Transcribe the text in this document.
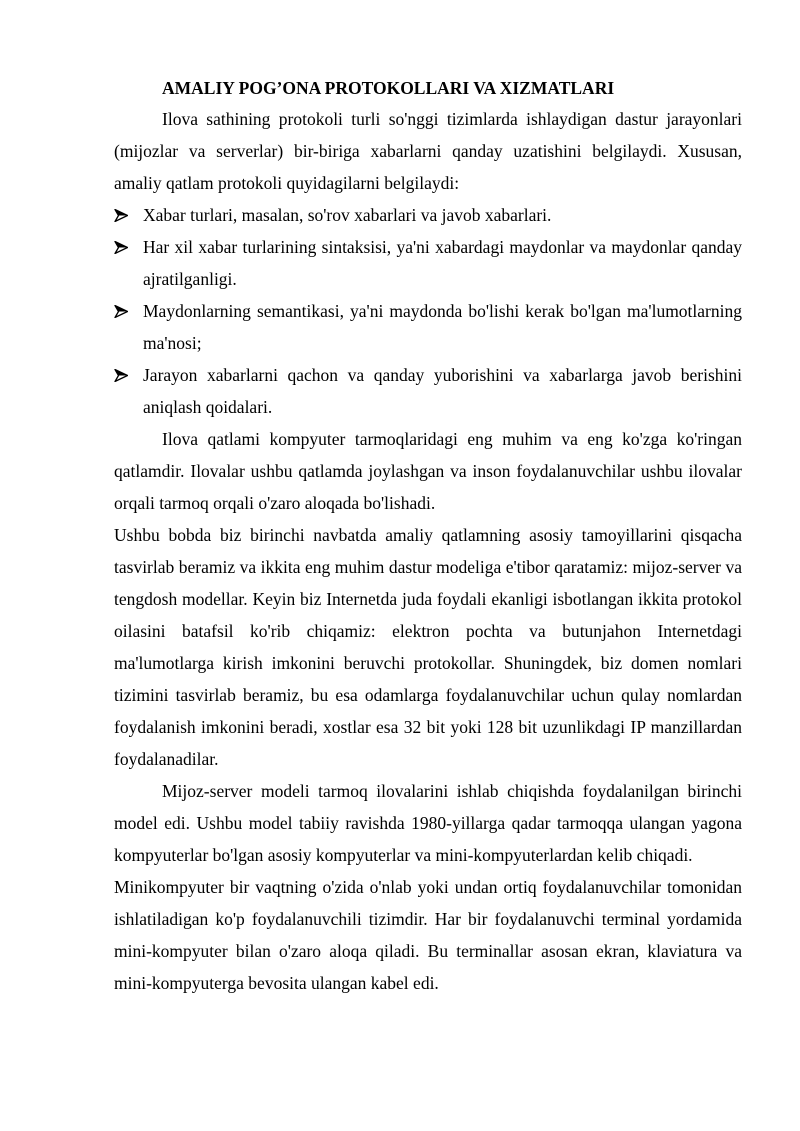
AMALIY POG’ONA PROTOKOLLARI VA XIZMATLARI

Ilova sathining protokoli turli so'nggi tizimlarda ishlaydigan dastur jarayonlari (mijozlar va serverlar) bir-biriga xabarlarni qanday uzatishini belgilaydi. Xususan, amaliy qatlam protokoli quyidagilarni belgilaydi:

Xabar turlari, masalan, so'rov xabarlari va javob xabarlari.
Har xil xabar turlarining sintaksisi, ya'ni xabardagi maydonlar va maydonlar qanday ajratilganligi.
Maydonlarning semantikasi, ya'ni maydonda bo'lishi kerak bo'lgan ma'lumotlarning ma'nosi;
Jarayon xabarlarni qachon va qanday yuborishini va xabarlarga javob berishini aniqlash qoidalari.

Ilova qatlami kompyuter tarmoqlaridagi eng muhim va eng ko'zga ko'ringan qatlamdir. Ilovalar ushbu qatlamda joylashgan va inson foydalanuvchilar ushbu ilovalar orqali tarmoq orqali o'zaro aloqada bo'lishadi.

Ushbu bobda biz birinchi navbatda amaliy qatlamning asosiy tamoyillarini qisqacha tasvirlab beramiz va ikkita eng muhim dastur modeliga e'tibor qaratamiz: mijoz-server va tengdosh modellar. Keyin biz Internetda juda foydali ekanligi isbotlangan ikkita protokol oilasini batafsil ko'rib chiqamiz: elektron pochta va butunjahon Internetdagi ma'lumotlarga kirish imkonini beruvchi protokollar. Shuningdek, biz domen nomlari tizimini tasvirlab beramiz, bu esa odamlarga foydalanuvchilar uchun qulay nomlardan foydalanish imkonini beradi, xostlar esa 32 bit yoki 128 bit uzunlikdagi IP manzillardan foydalanadilar.

Mijoz-server modeli tarmoq ilovalarini ishlab chiqishda foydalanilgan birinchi model edi. Ushbu model tabiiy ravishda 1980-yillarga qadar tarmoqqa ulangan yagona kompyuterlar bo'lgan asosiy kompyuterlar va mini-kompyuterlardan kelib chiqadi.

Minikompyuter bir vaqtning o'zida o'nlab yoki undan ortiq foydalanuvchilar tomonidan ishlatiladigan ko'p foydalanuvchili tizimdir. Har bir foydalanuvchi terminal yordamida mini-kompyuter bilan o'zaro aloqa qiladi. Bu terminallar asosan ekran, klaviatura va mini-kompyuterga bevosita ulangan kabel edi.
